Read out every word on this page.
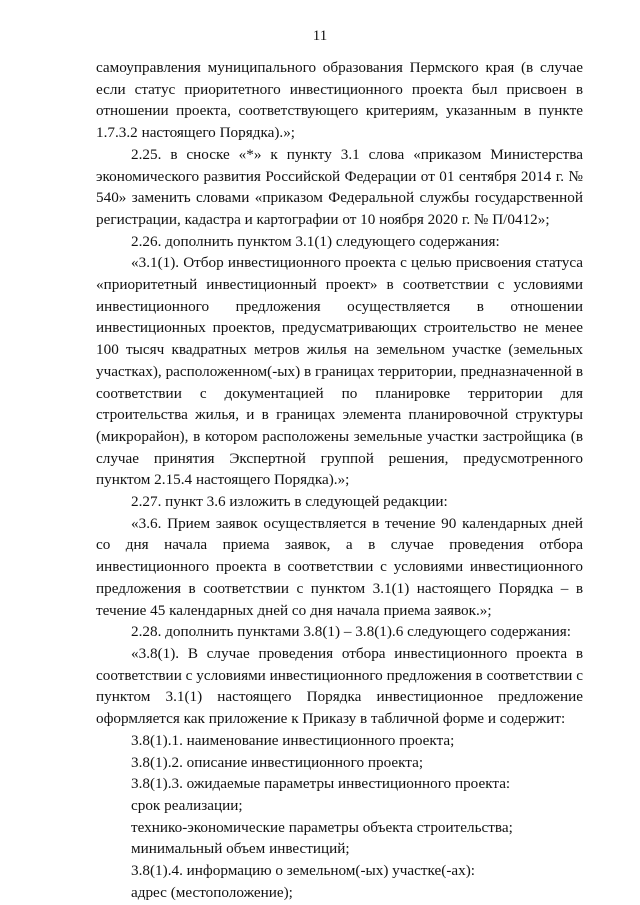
11

самоуправления муниципального образования Пермского края (в случае если статус приоритетного инвестиционного проекта был присвоен в отношении проекта, соответствующего критериям, указанным в пункте 1.7.3.2 настоящего Порядка).»;

2.25. в сноске «*» к пункту 3.1 слова «приказом Министерства экономического развития Российской Федерации от 01 сентября 2014 г. № 540» заменить словами «приказом Федеральной службы государственной регистрации, кадастра и картографии от 10 ноября 2020 г. № П/0412»;

2.26. дополнить пунктом 3.1(1) следующего содержания:

«3.1(1). Отбор инвестиционного проекта с целью присвоения статуса «приоритетный инвестиционный проект» в соответствии с условиями инвестиционного предложения осуществляется в отношении инвестиционных проектов, предусматривающих строительство не менее 100 тысяч квадратных метров жилья на земельном участке (земельных участках), расположенном(-ых) в границах территории, предназначенной в соответствии с документацией по планировке территории для строительства жилья, и в границах элемента планировочной структуры (микрорайон), в котором расположены земельные участки застройщика (в случае принятия Экспертной группой решения, предусмотренного пунктом 2.15.4 настоящего Порядка).»;

2.27. пункт 3.6 изложить в следующей редакции:

«3.6. Прием заявок осуществляется в течение 90 календарных дней со дня начала приема заявок, а в случае проведения отбора инвестиционного проекта в соответствии с условиями инвестиционного предложения в соответствии с пунктом 3.1(1) настоящего Порядка – в течение 45 календарных дней со дня начала приема заявок.»;

2.28. дополнить пунктами 3.8(1) – 3.8(1).6 следующего содержания:

«3.8(1). В случае проведения отбора инвестиционного проекта в соответствии с условиями инвестиционного предложения в соответствии с пунктом 3.1(1) настоящего Порядка инвестиционное предложение оформляется как приложение к Приказу в табличной форме и содержит:

3.8(1).1. наименование инвестиционного проекта;

3.8(1).2. описание инвестиционного проекта;

3.8(1).3. ожидаемые параметры инвестиционного проекта:

срок реализации;

технико-экономические параметры объекта строительства;

минимальный объем инвестиций;

3.8(1).4. информацию о земельном(-ых) участке(-ах):

адрес (местоположение);
